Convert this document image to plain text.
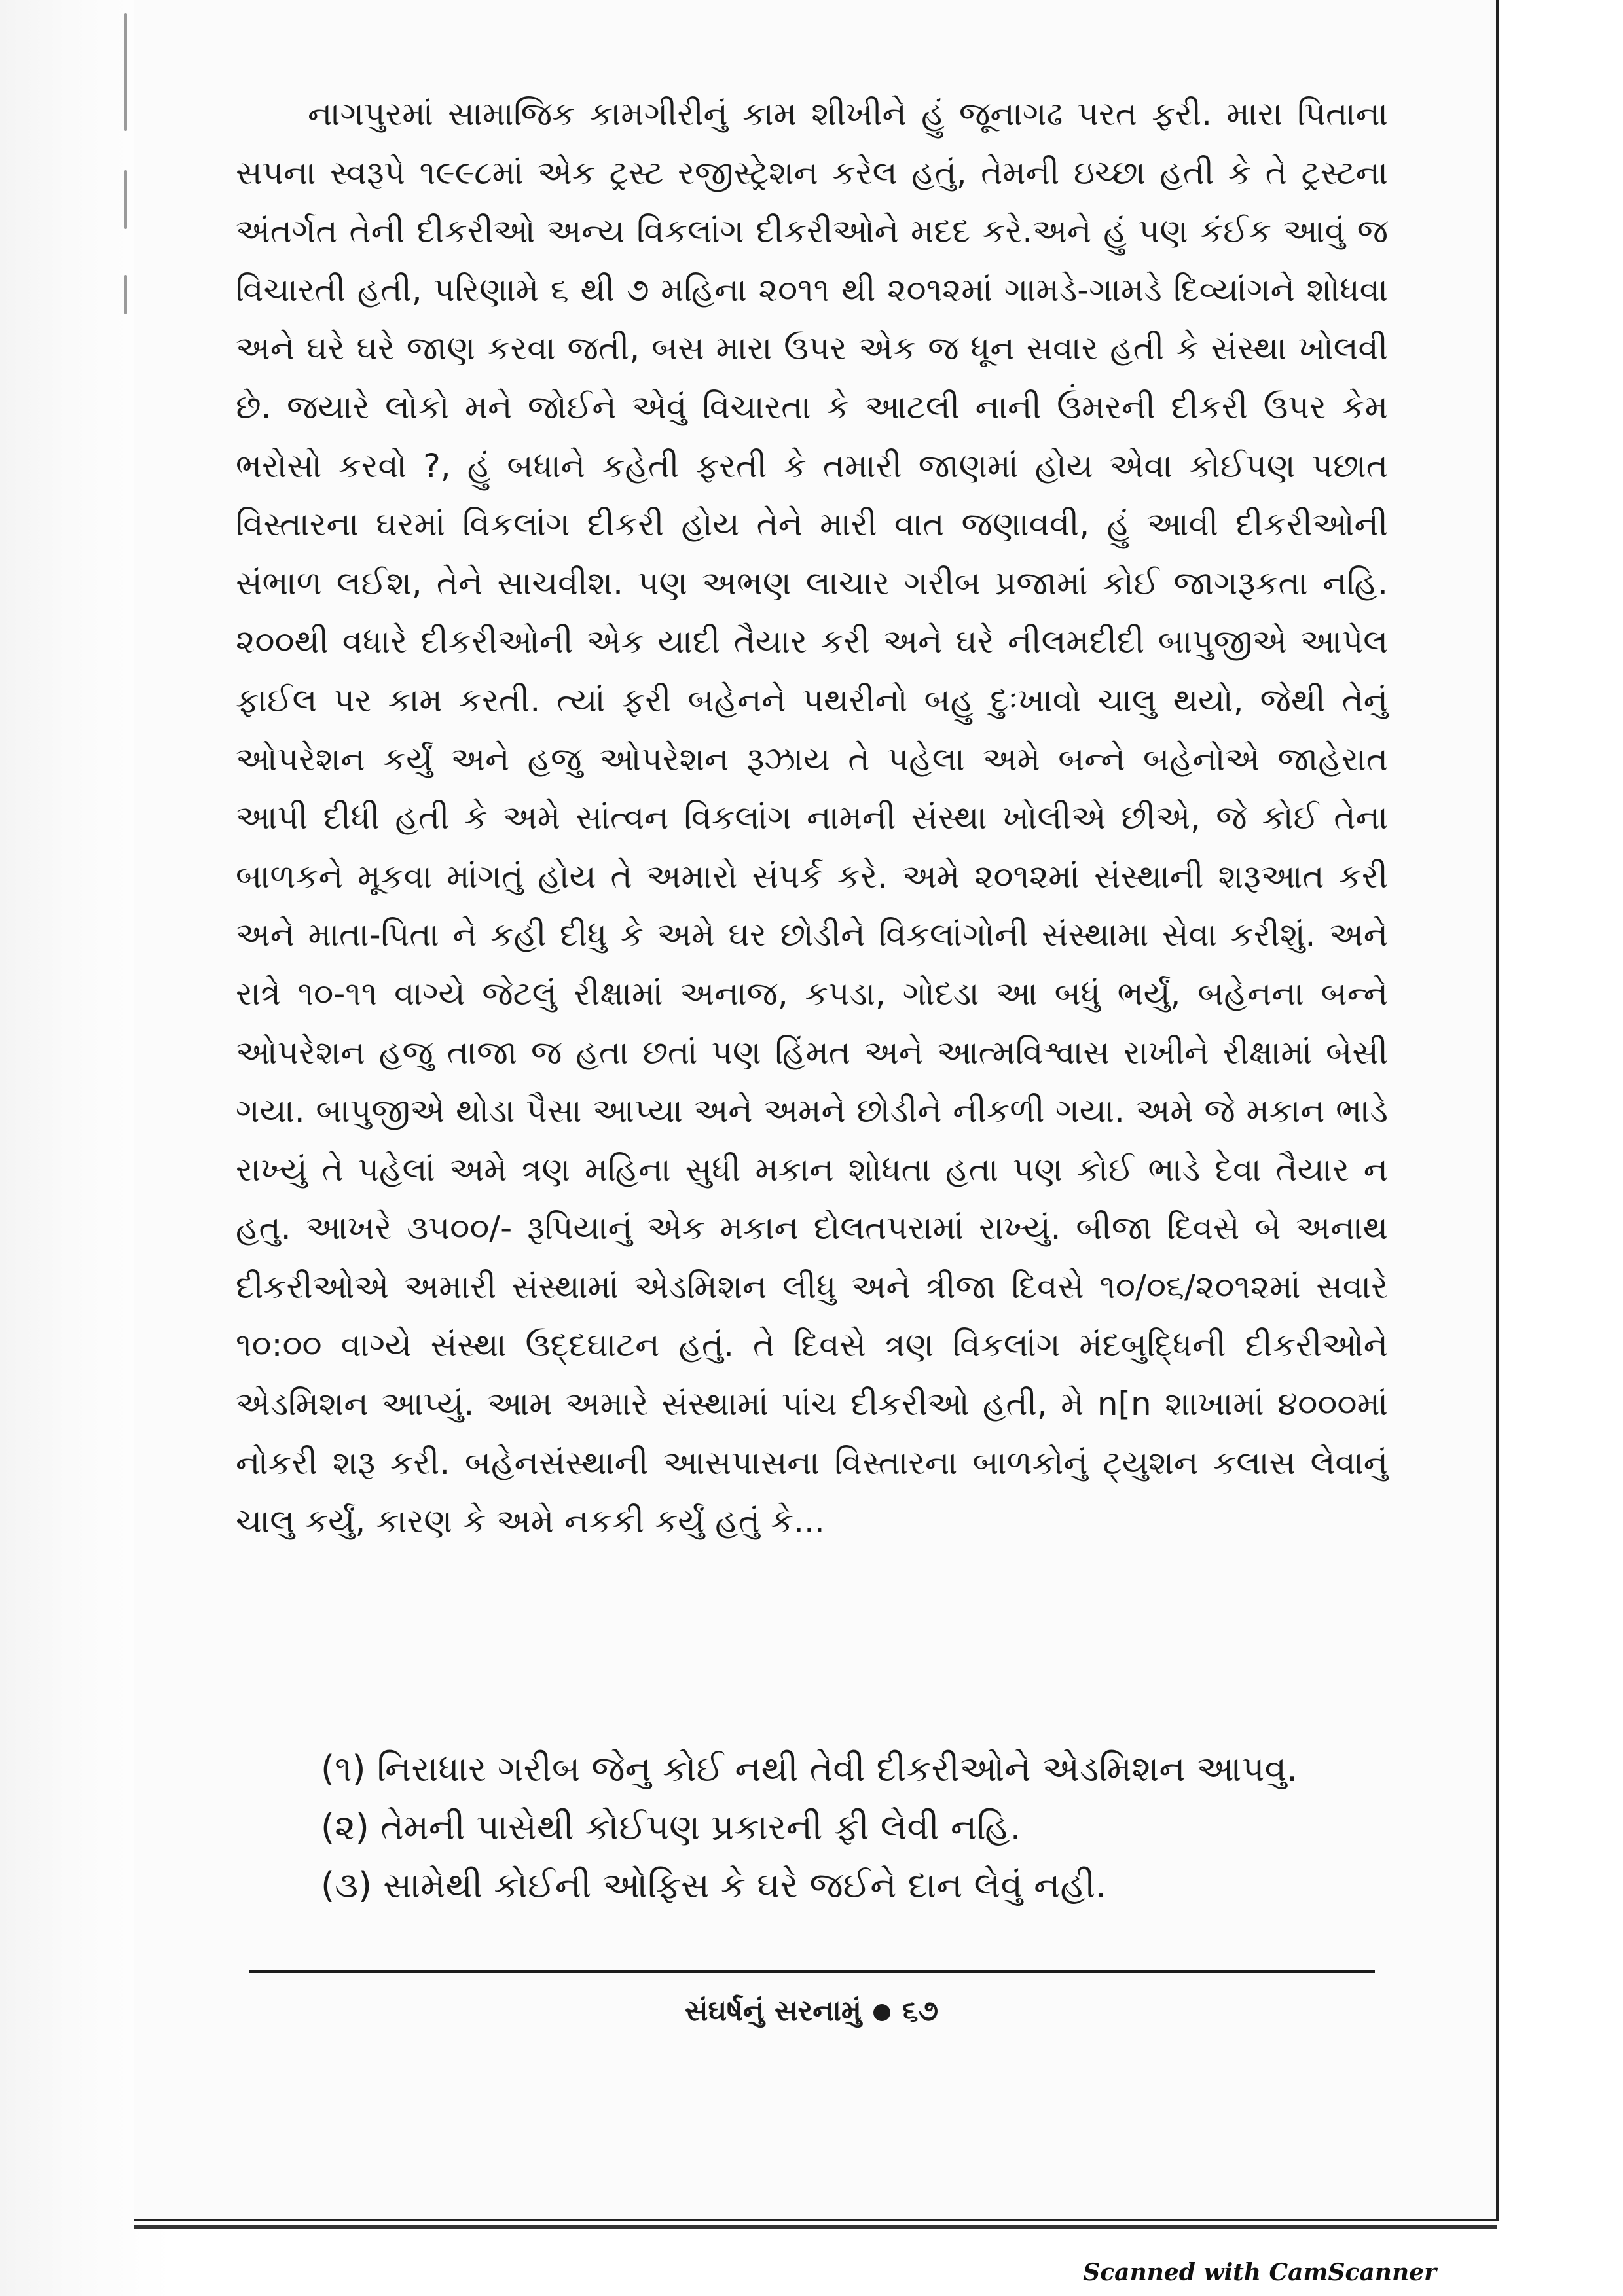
નાગપુરમાં સામાજિક કામગીરીનું કામ શીખીને હું જૂનાગઢ પરત ફરી. મારા પિતાના સપના સ્વરૂપે ૧૯૯૮માં એક ટ્રસ્ટ રજીસ્ટ્રેશન કરેલ હતું, તેમની ઇચ્છા હતી કે તે ટ્રસ્ટના અંતર્ગત તેની દીકરીઓ અન્ય વિકલાંગ દીકરીઓને મદદ કરે.અને હું પણ કંઈક આવું જ વિચારતી હતી, પરિણામે ૬ થી ૭ મહિના ૨૦૧૧ થી ૨૦૧૨માં ગામડે-ગામડે દિવ્યાંગને શોધવા અને ઘરે ઘરે જાણ કરવા જતી, બસ મારા ઉપર એક જ ધૂન સવાર હતી કે સંસ્થા ખોલવી છે. જયારે લોકો મને જોઈને એવું વિચારતા કે આટલી નાની ઉંમરની દીકરી ઉપર કેમ ભરોસો કરવો ?, હું બધાને કહેતી ફરતી કે તમારી જાણમાં હોય એવા કોઈપણ પછાત વિસ્તારના ઘરમાં વિકલાંગ દીકરી હોય તેને મારી વાત જણાવવી, હું આવી દીકરીઓની સંભાળ લઈશ, તેને સાચવીશ. પણ અભણ લાચાર ગરીબ પ્રજામાં કોઈ જાગરૂકતા નહિ. ૨૦૦થી વધારે દીકરીઓની એક યાદી તૈયાર કરી અને ઘરે નીલમદીદી બાપુજીએ આપેલ ફાઈલ પર કામ કરતી. ત્યાં ફરી બહેનને પથરીનો બહુ દુઃખાવો ચાલુ થયો, જેથી તેનું ઓપરેશન કર્યું અને હજુ ઓપરેશન રૂઝાય તે પહેલા અમે બન્ને બહેનોએ જાહેરાત આપી દીધી હતી કે અમે સાંત્વન વિકલાંગ નામની સંસ્થા ખોલીએ છીએ, જે કોઈ તેના બાળકને મૂકવા માંગતું હોય તે અમારો સંપર્ક કરે. અમે ૨૦૧૨માં સંસ્થાની શરૂઆત કરી અને માતા-પિતા ને કહી દીધુ કે અમે ઘર છોડીને વિકલાંગોની સંસ્થામા સેવા કરીશું. અને રાત્રે ૧૦-૧૧ વાગ્યે જેટલું રીક્ષામાં અનાજ, કપડા, ગોદડા આ બધું ભર્યું, બહેનના બન્ને ઓપરેશન હજુ તાજા જ હતા છતાં પણ હિંમત અને આત્મવિશ્વાસ રાખીને રીક્ષામાં બેસી ગયા. બાપુજીએ થોડા પૈસા આપ્યા અને અમને છોડીને નીકળી ગયા. અમે જે મકાન ભાડે રાખ્યું તે પહેલાં અમે ત્રણ મહિના સુધી મકાન શોધતા હતા પણ કોઈ ભાડે દેવા તૈયાર ન હતુ. આખરે ૩૫૦૦/- રૂપિયાનું એક મકાન દોલતપરામાં રાખ્યું. બીજા દિવસે બે અનાથ દીકરીઓએ અમારી સંસ્થામાં એડમિશન લીધુ અને ત્રીજા દિવસે ૧૦/૦૬/૨૦૧૨માં સવારે ૧૦:૦૦ વાગ્યે સંસ્થા ઉદ્દઘાટન હતું. તે દિવસે ત્રણ વિકલાંગ મંદબુદ્ધિની દીકરીઓને એડમિશન આપ્યું. આમ અમારે સંસ્થામાં પાંચ દીકરીઓ હતી, મે n[n શાખામાં ૪૦૦૦માં નોકરી શરૂ કરી. બહેનસંસ્થાની આસપાસના વિસ્તારના બાળકોનું ટ્યુશન કલાસ લેવાનું ચાલુ કર્યું, કારણ કે અમે નકકી કર્યું હતું કે...

(૧) નિરાધાર ગરીબ જેનુ કોઈ નથી તેવી દીકરીઓને એડમિશન આપવુ.
(૨) તેમની પાસેથી કોઈપણ પ્રકારની ફી લેવી નહિ.
(૩) સામેથી કોઈની ઓફિસ કે ઘરે જઈને દાન લેવું નહી.
સંઘર્ષનું સરનામું ૬૭
Scanned with CamScanner
